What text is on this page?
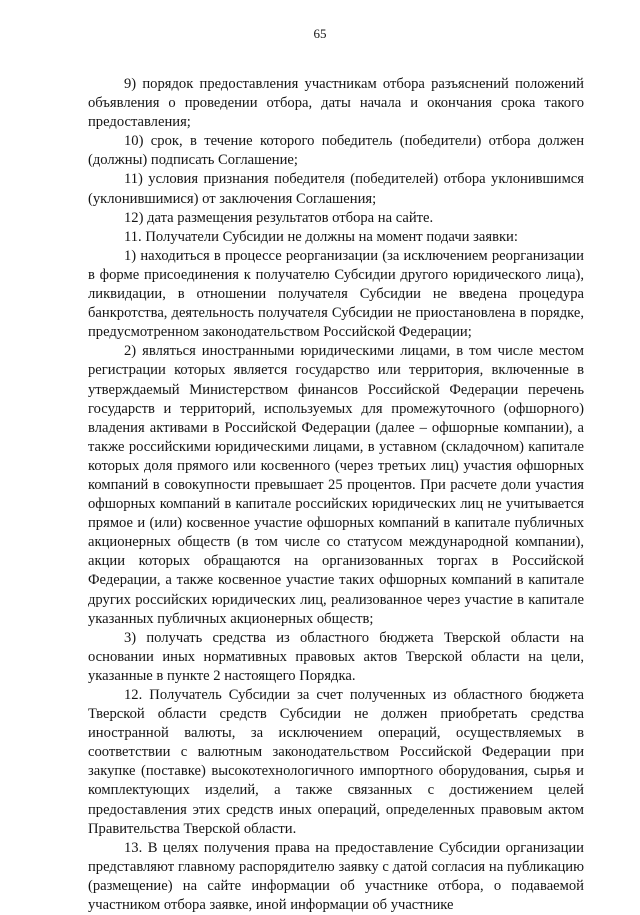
65

9) порядок предоставления участникам отбора разъяснений положений объявления о проведении отбора, даты начала и окончания срока такого предоставления;

10) срок, в течение которого победитель (победители) отбора должен (должны) подписать Соглашение;

11) условия признания победителя (победителей) отбора уклонившимся (уклонившимися) от заключения Соглашения;

12) дата размещения результатов отбора на сайте.

11. Получатели Субсидии не должны на момент подачи заявки:

1) находиться в процессе реорганизации (за исключением реорганизации в форме присоединения к получателю Субсидии другого юридического лица), ликвидации, в отношении получателя Субсидии не введена процедура банкротства, деятельность получателя Субсидии не приостановлена в порядке, предусмотренном законодательством Российской Федерации;

2) являться иностранными юридическими лицами, в том числе местом регистрации которых является государство или территория, включенные в утверждаемый Министерством финансов Российской Федерации перечень государств и территорий, используемых для промежуточного (офшорного) владения активами в Российской Федерации (далее – офшорные компании), а также российскими юридическими лицами, в уставном (складочном) капитале которых доля прямого или косвенного (через третьих лиц) участия офшорных компаний в совокупности превышает 25 процентов. При расчете доли участия офшорных компаний в капитале российских юридических лиц не учитывается прямое и (или) косвенное участие офшорных компаний в капитале публичных акционерных обществ (в том числе со статусом международной компании), акции которых обращаются на организованных торгах в Российской Федерации, а также косвенное участие таких офшорных компаний в капитале других российских юридических лиц, реализованное через участие в капитале указанных публичных акционерных обществ;

3) получать средства из областного бюджета Тверской области на основании иных нормативных правовых актов Тверской области на цели, указанные в пункте 2 настоящего Порядка.

12. Получатель Субсидии за счет полученных из областного бюджета Тверской области средств Субсидии не должен приобретать средства иностранной валюты, за исключением операций, осуществляемых в соответствии с валютным законодательством Российской Федерации при закупке (поставке) высокотехнологичного импортного оборудования, сырья и комплектующих изделий, а также связанных с достижением целей предоставления этих средств иных операций, определенных правовым актом Правительства Тверской области.

13. В целях получения права на предоставление Субсидии организации представляют главному распорядителю заявку с датой согласия на публикацию (размещение) на сайте информации об участнике отбора, о подаваемой участником отбора заявке, иной информации об участнике
